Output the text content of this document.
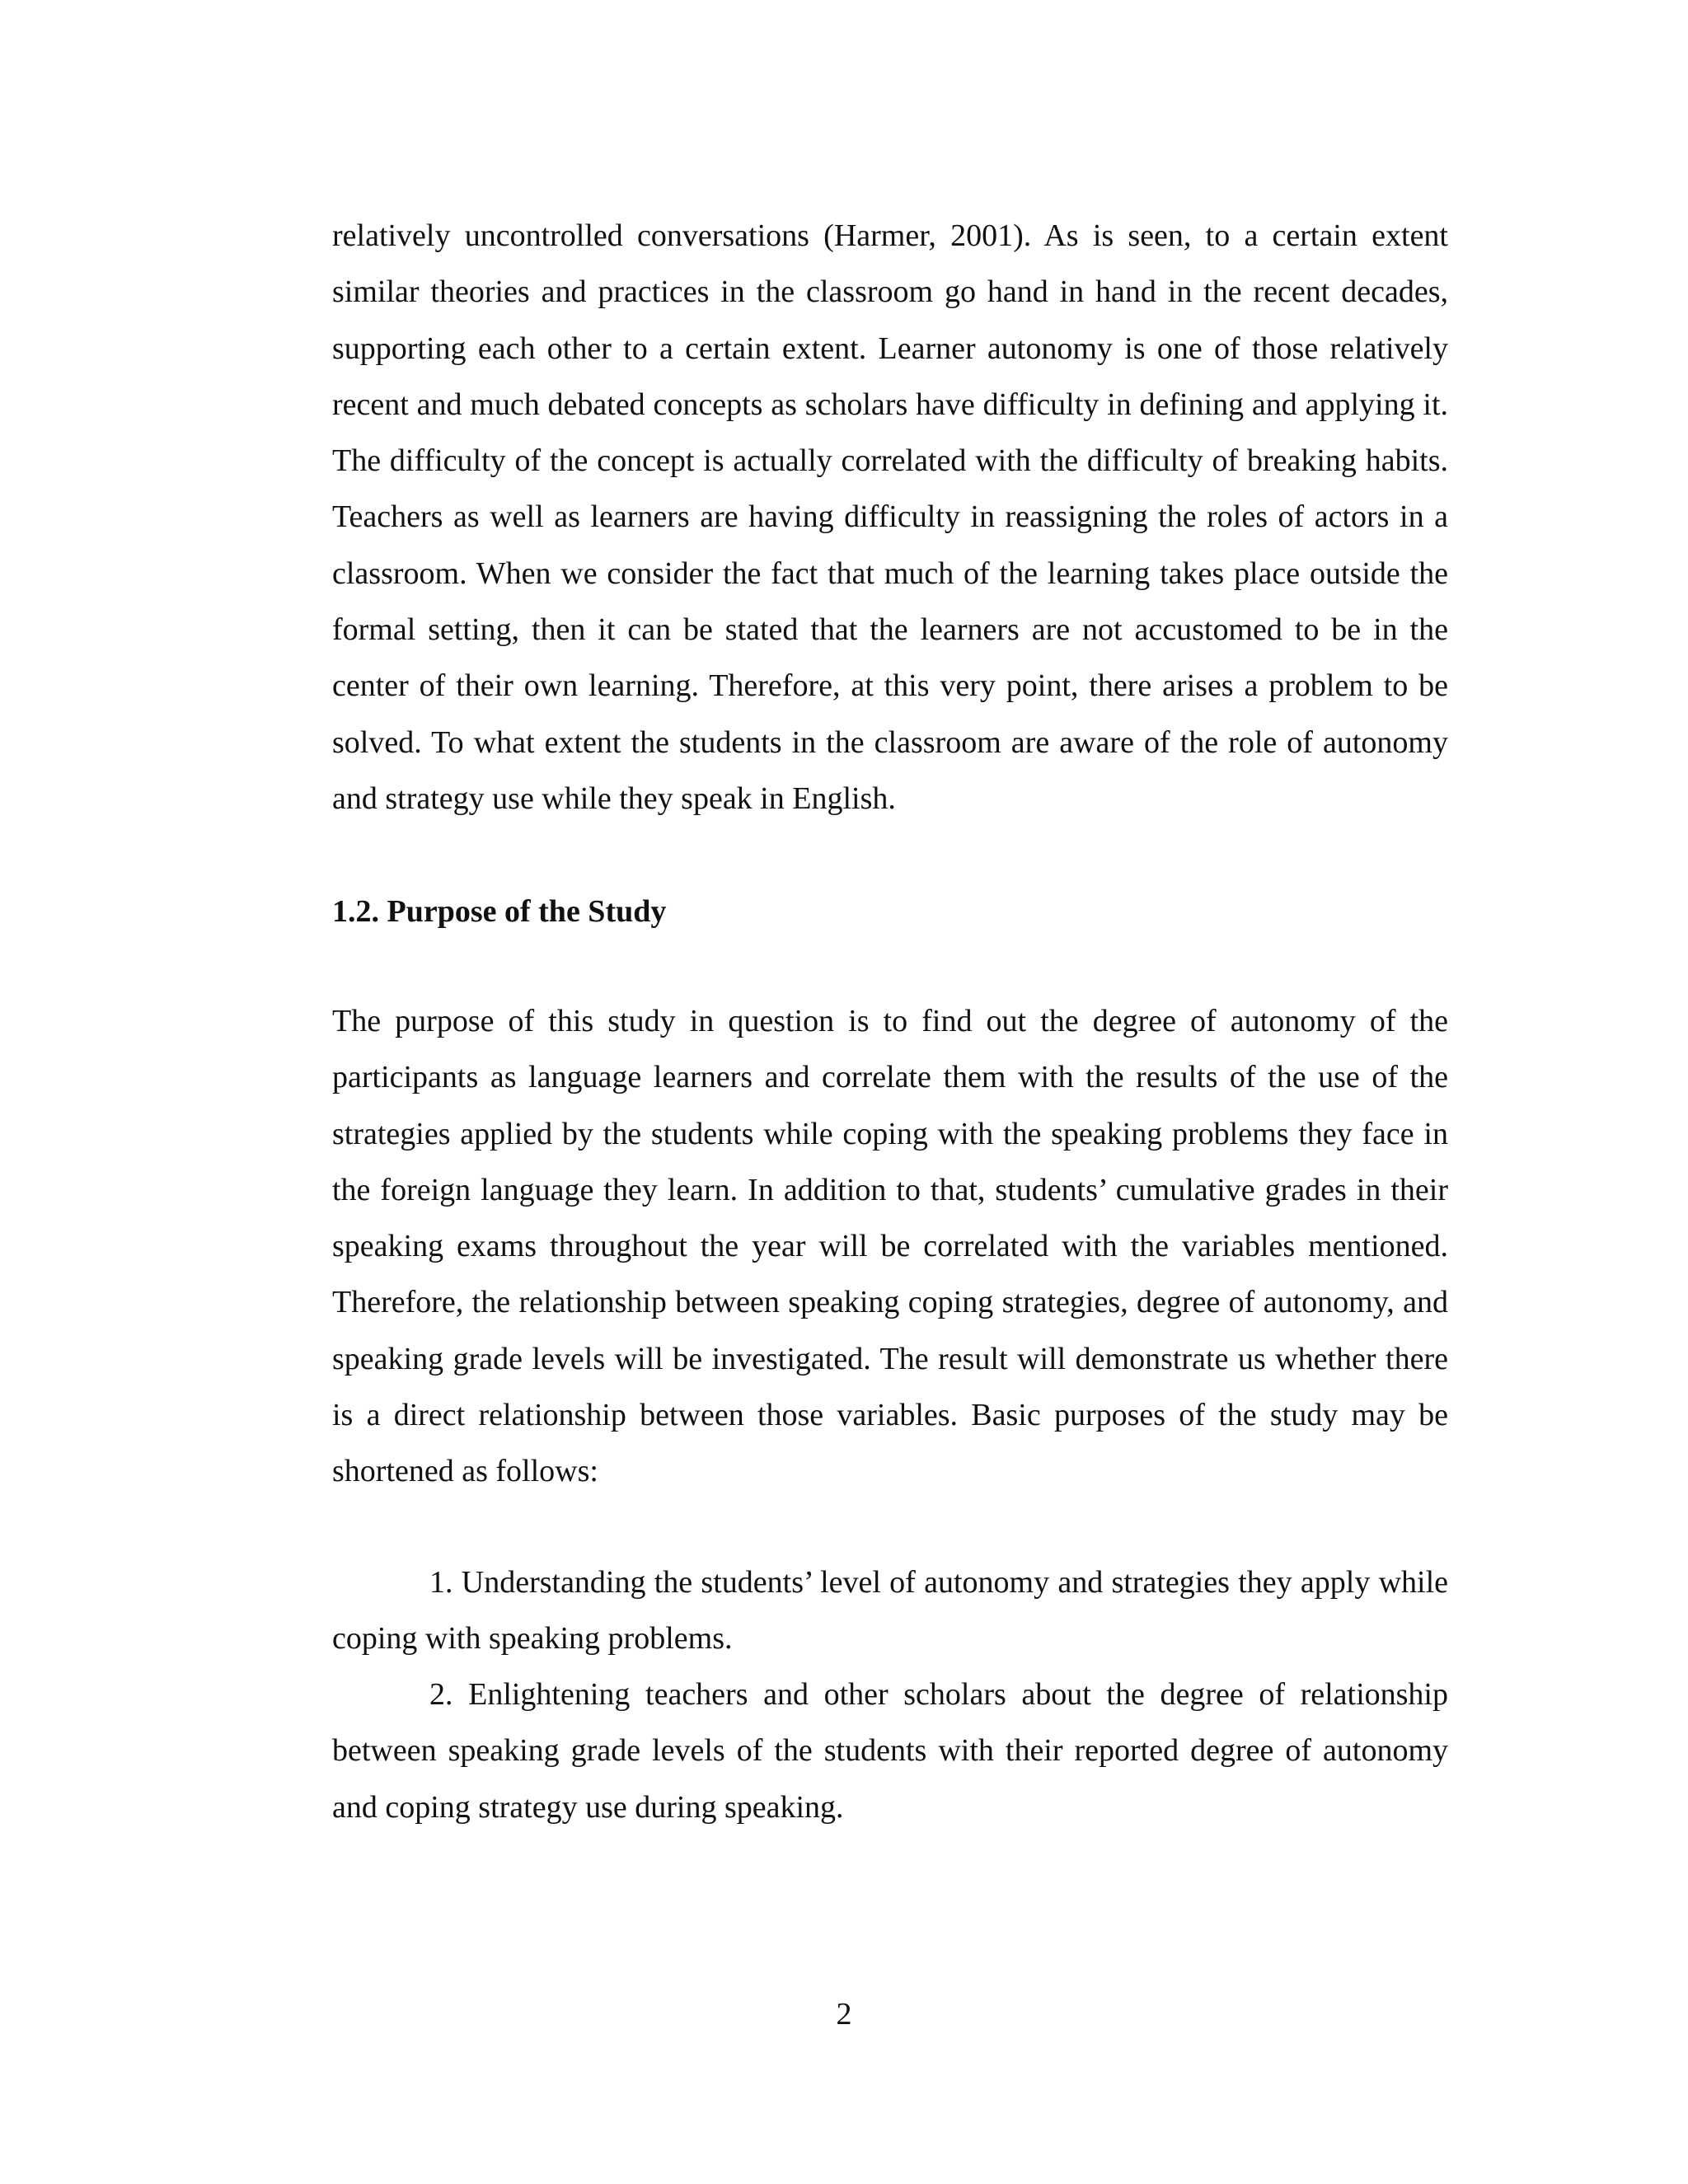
relatively uncontrolled conversations (Harmer, 2001). As is seen, to a certain extent similar theories and practices in the classroom go hand in hand in the recent decades, supporting each other to a certain extent. Learner autonomy is one of those relatively recent and much debated concepts as scholars have difficulty in defining and applying it. The difficulty of the concept is actually correlated with the difficulty of breaking habits. Teachers as well as learners are having difficulty in reassigning the roles of actors in a classroom. When we consider the fact that much of the learning takes place outside the formal setting, then it can be stated that the learners are not accustomed to be in the center of their own learning. Therefore, at this very point, there arises a problem to be solved. To what extent the students in the classroom are aware of the role of autonomy and strategy use while they speak in English.

1.2. Purpose of the Study

The purpose of this study in question is to find out the degree of autonomy of the participants as language learners and correlate them with the results of the use of the strategies applied by the students while coping with the speaking problems they face in the foreign language they learn. In addition to that, students’ cumulative grades in their speaking exams throughout the year will be correlated with the variables mentioned. Therefore, the relationship between speaking coping strategies, degree of autonomy, and speaking grade levels will be investigated. The result will demonstrate us whether there is a direct relationship between those variables. Basic purposes of the study may be shortened as follows:

1. Understanding the students’ level of autonomy and strategies they apply while coping with speaking problems.

2. Enlightening teachers and other scholars about the degree of relationship between speaking grade levels of the students with their reported degree of autonomy and coping strategy use during speaking.

2
